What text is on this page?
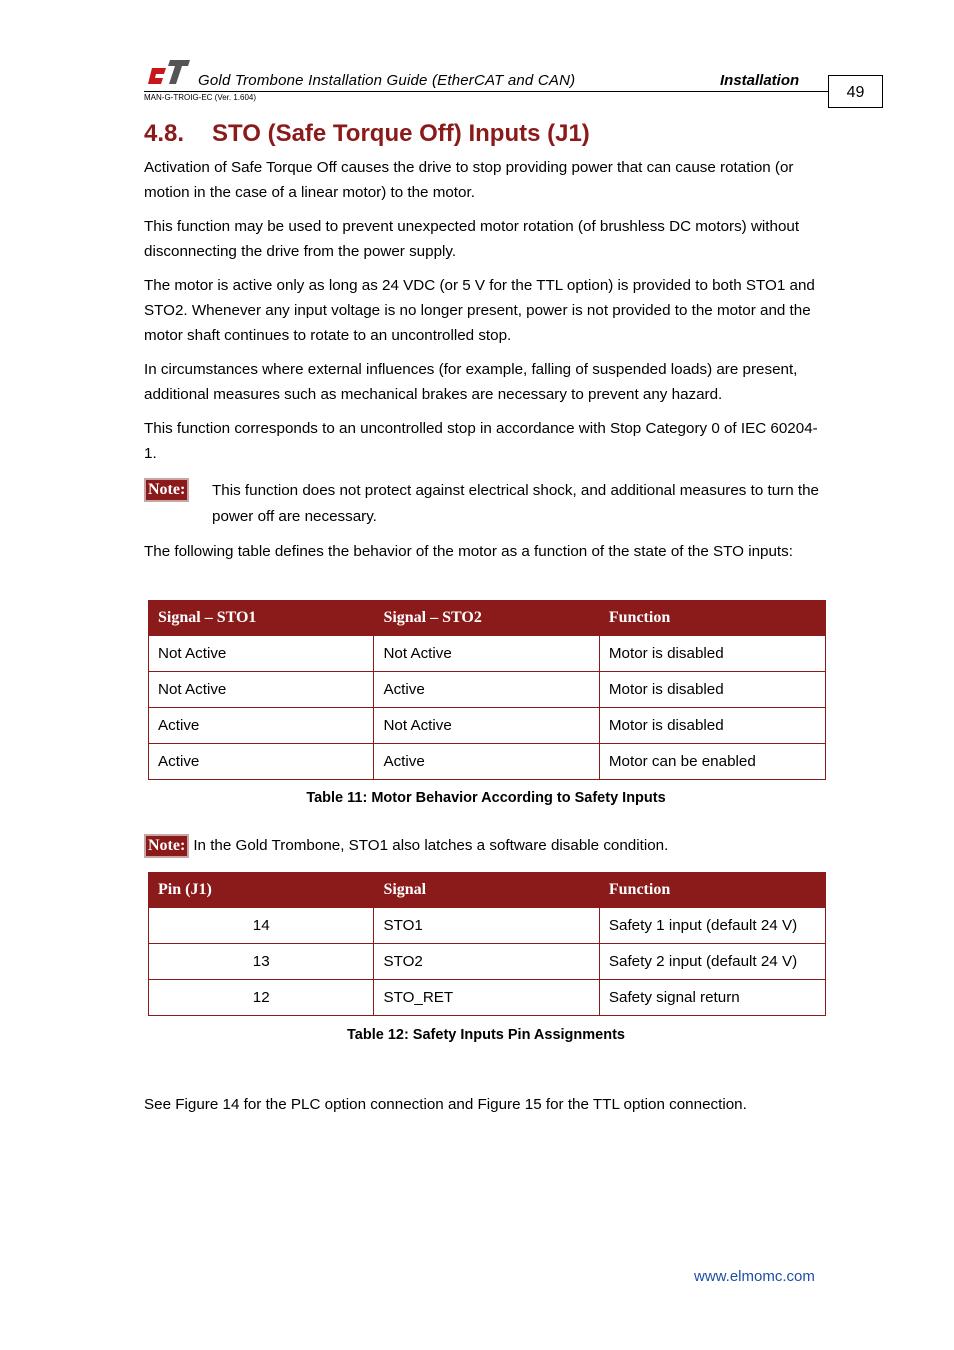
Gold Trombone Installation Guide (EtherCAT and CAN)	Installation
MAN-G-TROIG-EC (Ver. 1.604)	49
4.8. STO (Safe Torque Off) Inputs (J1)
Activation of Safe Torque Off causes the drive to stop providing power that can cause rotation (or motion in the case of a linear motor) to the motor.
This function may be used to prevent unexpected motor rotation (of brushless DC motors) without disconnecting the drive from the power supply.
The motor is active only as long as 24 VDC (or 5 V for the TTL option) is provided to both STO1 and STO2. Whenever any input voltage is no longer present, power is not provided to the motor and the motor shaft continues to rotate to an uncontrolled stop.
In circumstances where external influences (for example, falling of suspended loads) are present, additional measures such as mechanical brakes are necessary to prevent any hazard.
This function corresponds to an uncontrolled stop in accordance with Stop Category 0 of IEC 60204-1.
Note: This function does not protect against electrical shock, and additional measures to turn the power off are necessary.
The following table defines the behavior of the motor as a function of the state of the STO inputs:
Signal – STO1	Signal – STO2	Function
Not Active	Not Active	Motor is disabled
Not Active	Active	Motor is disabled
Active	Not Active	Motor is disabled
Active	Active	Motor can be enabled
Table 11: Motor Behavior According to Safety Inputs
Note: In the Gold Trombone, STO1 also latches a software disable condition.
Pin (J1)	Signal	Function
14	STO1	Safety 1 input (default 24 V)
13	STO2	Safety 2 input (default 24 V)
12	STO_RET	Safety signal return
Table 12: Safety Inputs Pin Assignments
See Figure 14 for the PLC option connection and Figure 15 for the TTL option connection.
www.elmomc.com
